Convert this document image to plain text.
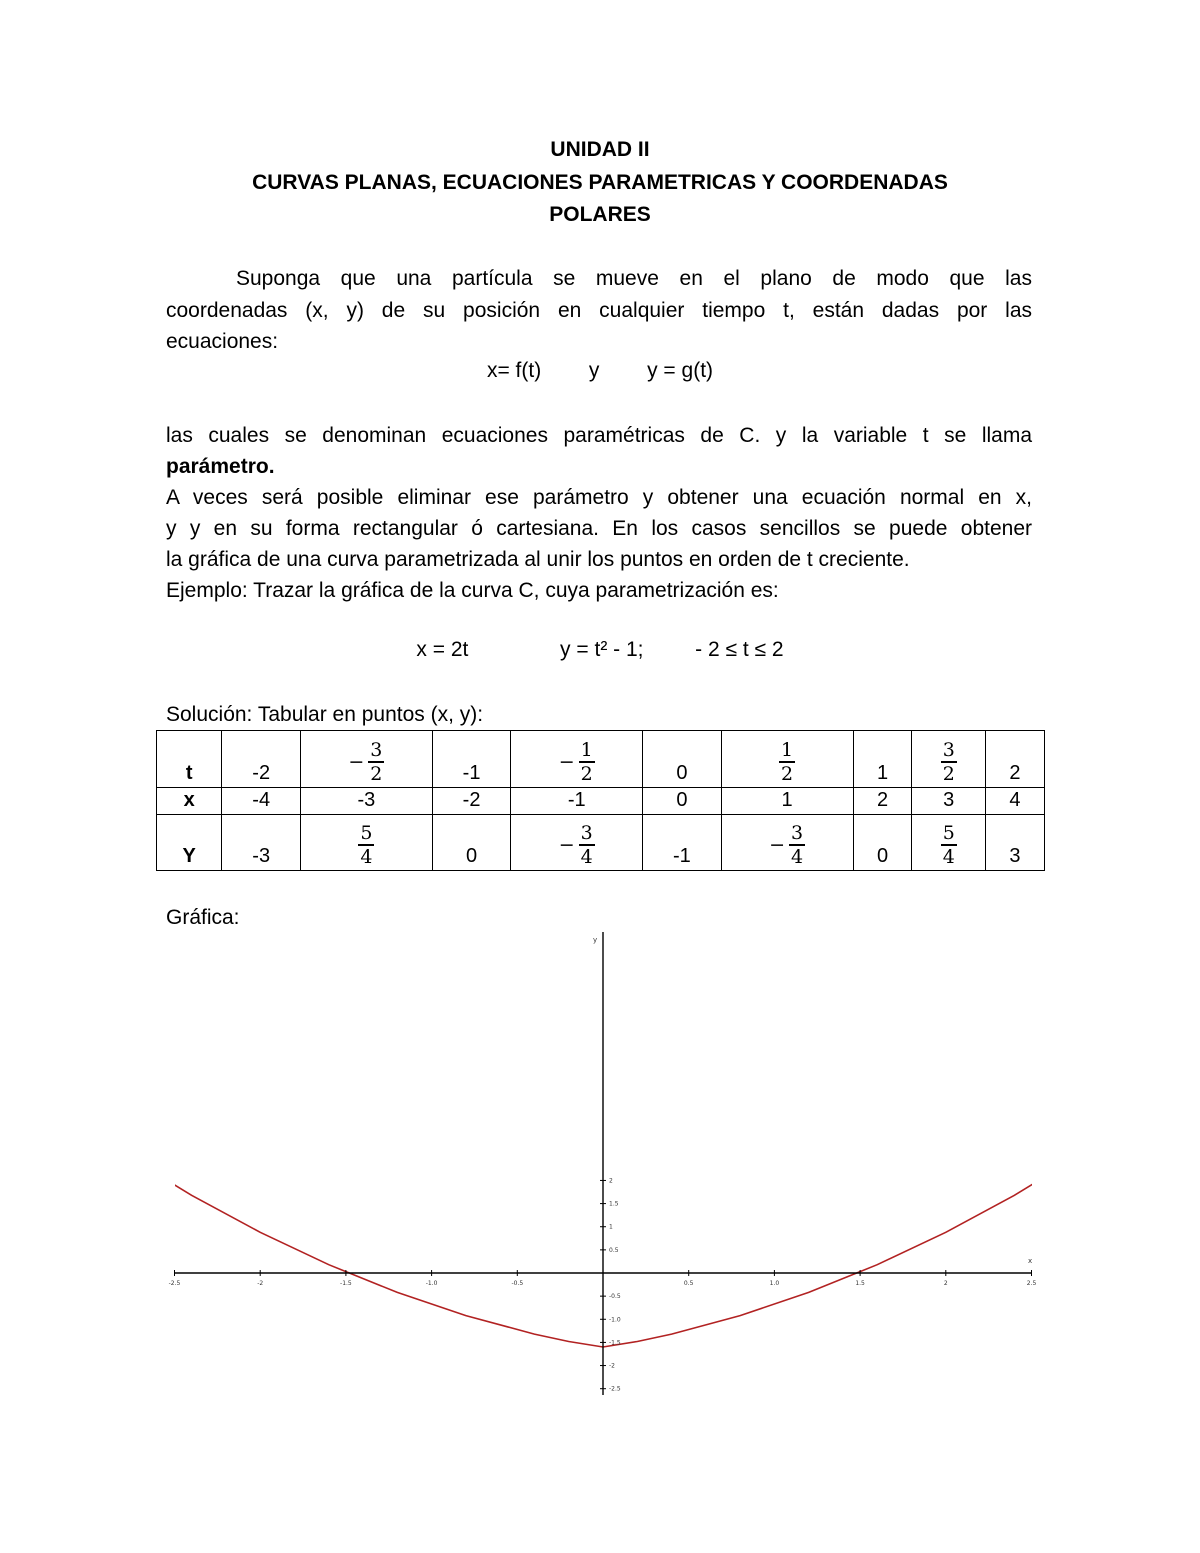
UNIDAD II
CURVAS PLANAS, ECUACIONES PARAMETRICAS Y COORDENADAS
POLARES
Suponga que una partícula se mueve en el plano de modo que las
coordenadas (x, y) de su posición en cualquier tiempo t, están dadas por las
ecuaciones:
x= f(t) y y = g(t)
las cuales se denominan ecuaciones paramétricas de C. y la variable t se llama
parámetro.
A veces será posible eliminar ese parámetro y obtener una ecuación normal en x,
y y en su forma rectangular ó cartesiana. En los casos sencillos se puede obtener
la gráfica de una curva parametrizada al unir los puntos en orden de t creciente.
Ejemplo: Trazar la gráfica de la curva C, cuya parametrización es:
x = 2t	y = t² - 1; - 2 ≤ t ≤ 2
Solución: Tabular en puntos (x, y):
t	-2	− $\frac{3}{2}$	-1	− $\frac{1}{2}$	0	$\frac{1}{2}$	1	$\frac{3}{2}$	2
x	-4	-3	-2	-1	0	1	2	3	4
Y	-3	$\frac{5}{4}$	0	− $\frac{3}{4}$	-1	− $\frac{3}{4}$	0	$\frac{5}{4}$	3
Gráfica:
-2.5	-2	-1.5	-1.0	-0.5	0.5	1.0	1.5	2	2.5
2
1.5
1
0.5
-0.5
-1.0
-1.5
-2
-2.5
x
y
